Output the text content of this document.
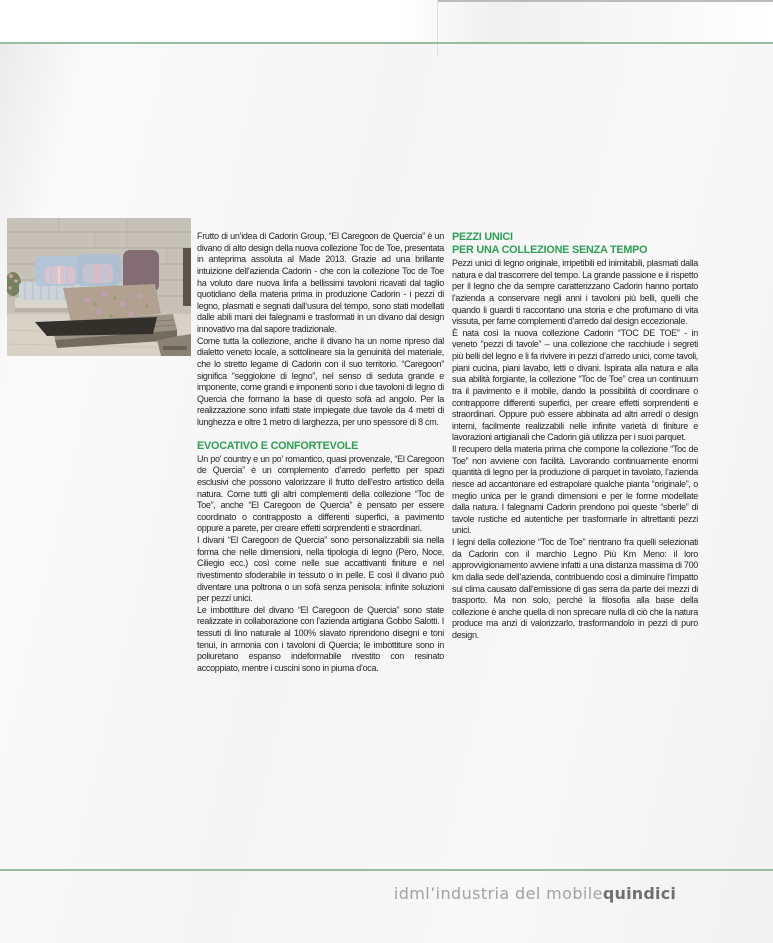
Frutto di un’idea di Cadorin Group, “El Caregoon de Quercia” è un divano di alto design della nuova collezione Toc de Toe, presentata in anteprima assoluta al Made 2013. Grazie ad una brillante intuizione dell’azienda Cadorin - che con la collezione Toc de Toe ha voluto dare nuova linfa a bellissimi tavoloni ricavati dal taglio quotidiano della materia prima in produzione Cadorin - i pezzi di legno, plasmati e segnati dall’usura del tempo, sono stati modellati dalle abili mani dei falegnami e trasformati in un divano dal design innovativo ma dal sapore tradizionale.

Come tutta la collezione, anche il divano ha un nome ripreso dal dialetto veneto locale, a sottolineare sia la genuinità del materiale, che lo stretto legame di Cadorin con il suo territorio. “Caregoon” significa “seggiolone di legno”, nel senso di seduta grande e imponente, come grandi e imponenti sono i due tavoloni di legno di Quercia che formano la base di questo sofà ad angolo. Per la realizzazione sono infatti state impiegate due tavole da 4 metri di lunghezza e oltre 1 metro di larghezza, per uno spessore di 8 cm.

EVOCATIVO E CONFORTEVOLE

Un po’ country e un po’ romantico, quasi provenzale, “El Caregoon de Quercia” è un complemento d’arredo perfetto per spazi esclusivi che possono valorizzare il frutto dell’estro artistico della natura. Come tutti gli altri complementi della collezione “Toc de Toe”, anche “El Caregoon de Quercia” è pensato per essere coordinato o contrapposto a differenti superfici, a pavimento oppure a parete, per creare effetti sorprendenti e straordinari.

I divani “El Caregoon de Quercia” sono personalizzabili sia nella forma che nelle dimensioni, nella tipologia di legno (Pero, Noce, Ciliegio ecc.) così come nelle sue accattivanti finiture e nel rivestimento sfoderabile in tessuto o in pelle. E così il divano può diventare una poltrona o un sofà senza penisola: infinite soluzioni per pezzi unici.

Le imbottiture del divano “El Caregoon de Quercia” sono state realizzate in collaborazione con l’azienda artigiana Gobbo Salotti. I tessuti di lino naturale al 100% slavato riprendono disegni e toni tenui, in armonia con i tavoloni di Quercia; le imbottiture sono in poliuretano espanso indeformabile rivestito con resinato accoppiato, mentre i cuscini sono in piuma d’oca.

PEZZI UNICI
PER UNA COLLEZIONE SENZA TEMPO

Pezzi unici di legno originale, irripetibili ed inimitabili, plasmati dalla natura e dal trascorrere del tempo. La grande passione e il rispetto per il legno che da sempre caratterizzano Cadorin hanno portato l’azienda a conservare negli anni i tavoloni più belli, quelli che quando li guardi ti raccontano una storia e che profumano di vita vissuta, per farne complementi d’arredo dal design eccezionale.

È nata così la nuova collezione Cadorin “TOC DE TOE” - in veneto “pezzi di tavole” – una collezione che racchiude i segreti più belli del legno e li fa rivivere in pezzi d’arredo unici, come tavoli, piani cucina, piani lavabo, letti o divani. Ispirata alla natura e alla sua abilità forgiante, la collezione “Toc de Toe” crea un continuum tra il pavimento e il mobile, dando la possibilità di coordinare o contrapporre differenti superfici, per creare effetti sorprendenti e straordinari. Oppure può essere abbinata ad altri arredi o design interni, facilmente realizzabili nelle infinite varietà di finiture e lavorazioni artigianali che Cadorin già utilizza per i suoi parquet.

Il recupero della materia prima che compone la collezione “Toc de Toe” non avviene con facilità. Lavorando continuamente enormi quantità di legno per la produzione di parquet in tavolato, l’azienda riesce ad accantonare ed estrapolare qualche pianta “originale”, o meglio unica per le grandi dimensioni e per le forme modellate dalla natura. I falegnami Cadorin prendono poi queste “sberle” di tavole rustiche ed autentiche per trasformarle in altrettanti pezzi unici.

I legni della collezione “Toc de Toe” rientrano fra quelli selezionati da Cadorin con il marchio Legno Più Km Meno: il loro approvvigionamento avviene infatti a una distanza massima di 700 km dalla sede dell’azienda, contribuendo così a diminuire l’impatto sul clima causato dall’emissione di gas serra da parte dei mezzi di trasporto. Ma non solo, perché la filosofia alla base della collezione è anche quella di non sprecare nulla di ciò che la natura produce ma anzi di valorizzarlo, trasformandolo in pezzi di puro design.

idml’industria del mobilequindici
